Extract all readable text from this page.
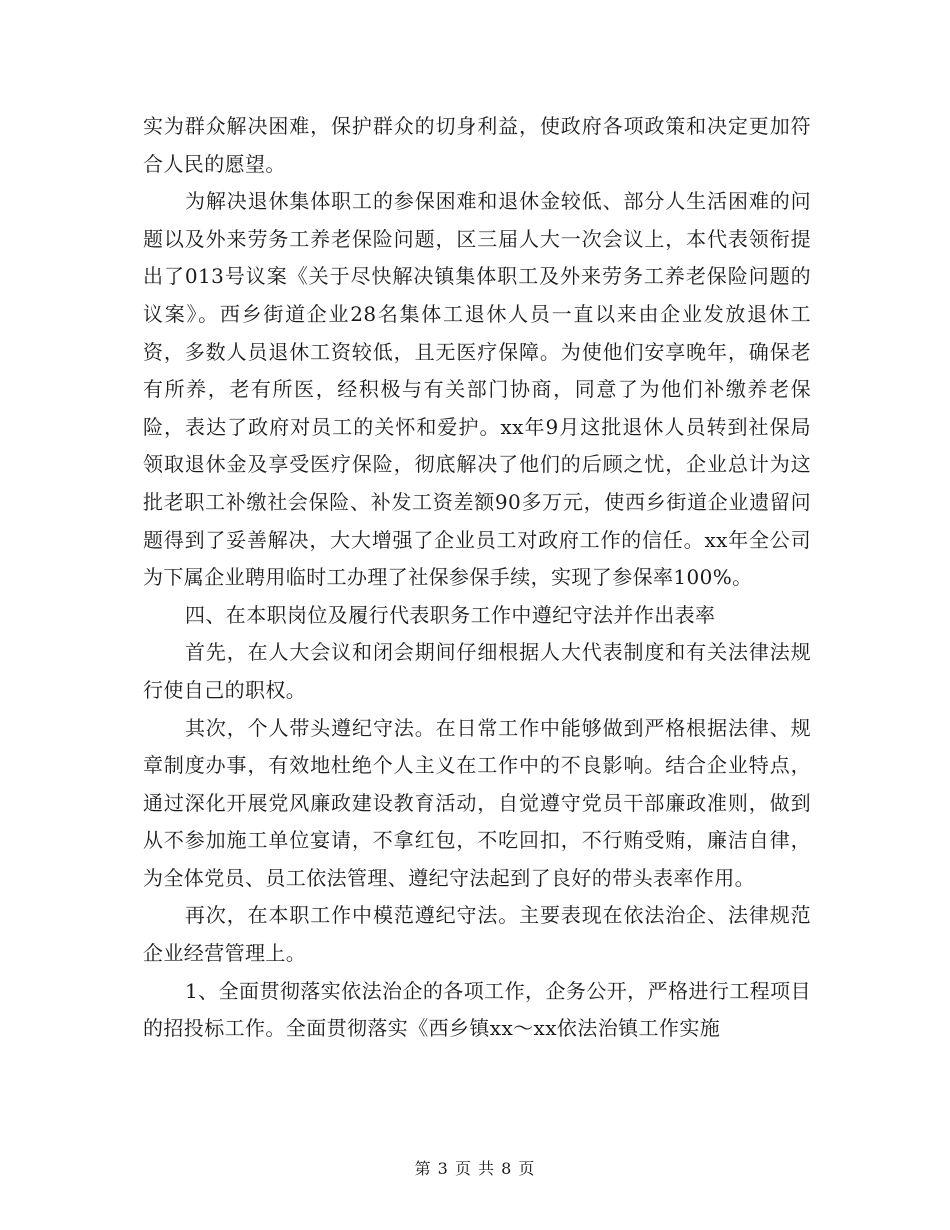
实为群众解决困难，保护群众的切身利益，使政府各项政策和决定更加符合人民的愿望。

为解决退休集体职工的参保困难和退休金较低、部分人生活困难的问题以及外来劳务工养老保险问题，区三届人大一次会议上，本代表领衔提出了013号议案《关于尽快解决镇集体职工及外来劳务工养老保险问题的议案》。西乡街道企业28名集体工退休人员一直以来由企业发放退休工资，多数人员退休工资较低，且无医疗保障。为使他们安享晚年，确保老有所养，老有所医，经积极与有关部门协商，同意了为他们补缴养老保险，表达了政府对员工的关怀和爱护。xx年9月这批退休人员转到社保局领取退休金及享受医疗保险，彻底解决了他们的后顾之忧，企业总计为这批老职工补缴社会保险、补发工资差额90多万元，使西乡街道企业遗留问题得到了妥善解决，大大增强了企业员工对政府工作的信任。xx年全公司为下属企业聘用临时工办理了社保参保手续，实现了参保率100%。

四、在本职岗位及履行代表职务工作中遵纪守法并作出表率

首先，在人大会议和闭会期间仔细根据人大代表制度和有关法律法规行使自己的职权。

其次，个人带头遵纪守法。在日常工作中能够做到严格根据法律、规章制度办事，有效地杜绝个人主义在工作中的不良影响。结合企业特点，通过深化开展党风廉政建设教育活动，自觉遵守党员干部廉政准则，做到从不参加施工单位宴请，不拿红包，不吃回扣，不行贿受贿，廉洁自律，为全体党员、员工依法管理、遵纪守法起到了良好的带头表率作用。

再次，在本职工作中模范遵纪守法。主要表现在依法治企、法律规范企业经营管理上。

1、全面贯彻落实依法治企的各项工作，企务公开，严格进行工程项目的招投标工作。全面贯彻落实《西乡镇xx～xx依法治镇工作实施

第 3 页 共 8 页
